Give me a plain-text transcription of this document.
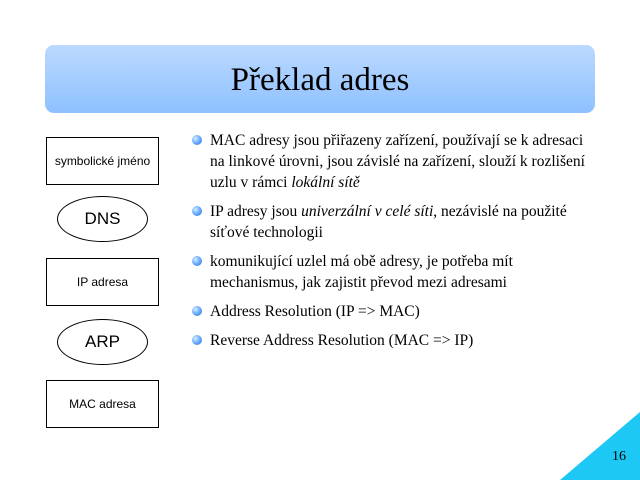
Překlad adres
symbolické jméno
DNS
IP adresa
ARP
MAC adresa
MAC adresy jsou přiřazeny zařízení, používají se k adresaci na linkové úrovni, jsou závislé na zařízení, slouží k rozlišení uzlu v rámci lokální sítě
IP adresy jsou univerzální v celé síti, nezávislé na použité síťové technologii
komunikující uzlel má obě adresy, je potřeba mít mechanismus, jak zajistit převod mezi adresami
Address Resolution (IP => MAC)
Reverse Address Resolution (MAC => IP)
16
